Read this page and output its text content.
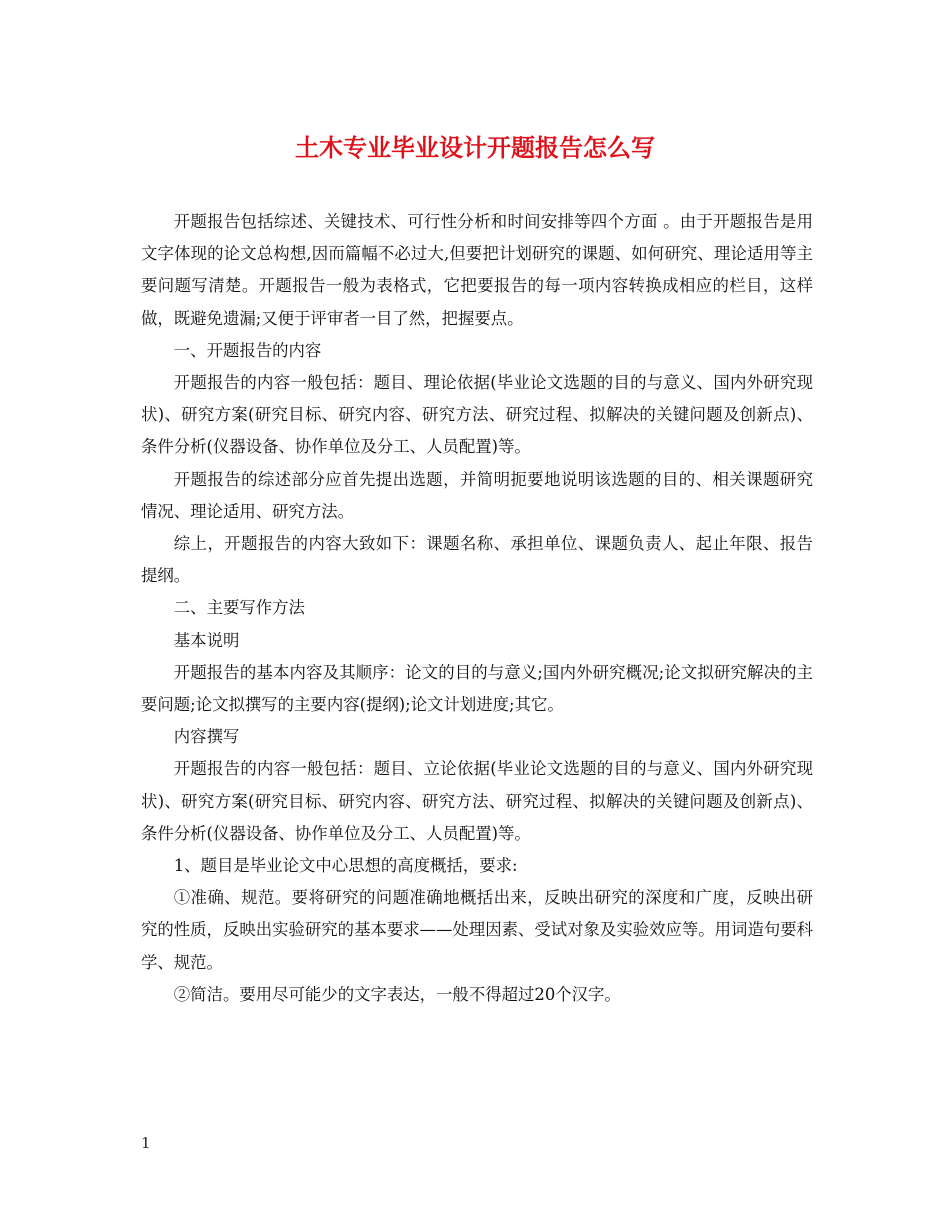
土木专业毕业设计开题报告怎么写

开题报告包括综述、关键技术、可行性分析和时间安排等四个方面 。由于开题报告是用文字体现的论文总构想,因而篇幅不必过大,但要把计划研究的课题、如何研究、理论适用等主要问题写清楚。开题报告一般为表格式，它把要报告的每一项内容转换成相应的栏目，这样做，既避免遗漏;又便于评审者一目了然，把握要点。

一、开题报告的内容

开题报告的内容一般包括：题目、理论依据(毕业论文选题的目的与意义、国内外研究现状)、研究方案(研究目标、研究内容、研究方法、研究过程、拟解决的关键问题及创新点)、条件分析(仪器设备、协作单位及分工、人员配置)等。

开题报告的综述部分应首先提出选题，并简明扼要地说明该选题的目的、相关课题研究情况、理论适用、研究方法。

综上，开题报告的内容大致如下：课题名称、承担单位、课题负责人、起止年限、报告提纲。

二、主要写作方法

基本说明

开题报告的基本内容及其顺序：论文的目的与意义;国内外研究概况;论文拟研究解决的主要问题;论文拟撰写的主要内容(提纲);论文计划进度;其它。

内容撰写

开题报告的内容一般包括：题目、立论依据(毕业论文选题的目的与意义、国内外研究现状)、研究方案(研究目标、研究内容、研究方法、研究过程、拟解决的关键问题及创新点)、条件分析(仪器设备、协作单位及分工、人员配置)等。

1、题目是毕业论文中心思想的高度概括，要求:

①准确、规范。要将研究的问题准确地概括出来，反映出研究的深度和广度，反映出研究的性质，反映出实验研究的基本要求——处理因素、受试对象及实验效应等。用词造句要科学、规范。

②简洁。要用尽可能少的文字表达，一般不得超过20个汉字。

1
